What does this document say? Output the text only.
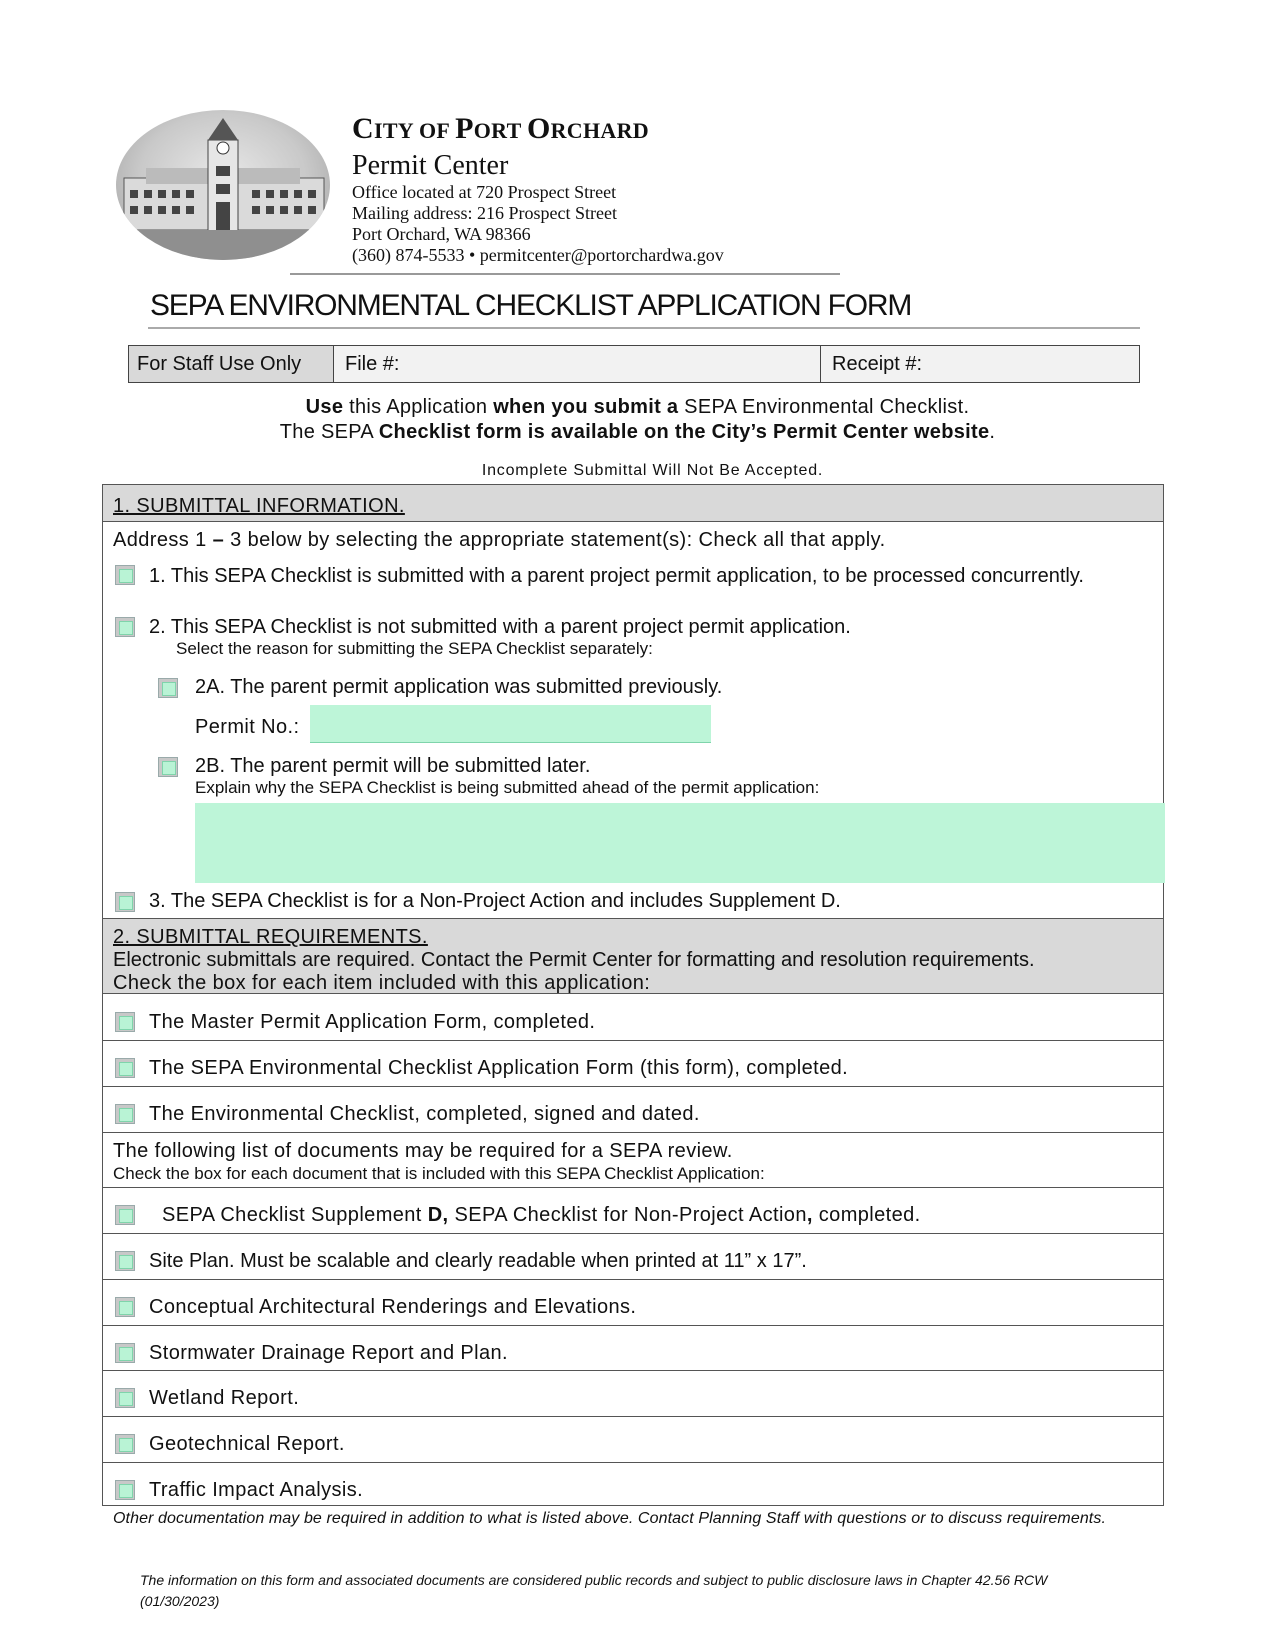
CITY OF PORT ORCHARD
Permit Center
Office located at 720 Prospect Street
Mailing address: 216 Prospect Street
Port Orchard, WA 98366
(360) 874-5533 • permitcenter@portorchardwa.gov
SEPA ENVIRONMENTAL CHECKLIST APPLICATION FORM
For Staff Use Only	File #:	Receipt #:
Use this Application when you submit a SEPA Environmental Checklist.
The SEPA Checklist form is available on the City’s Permit Center website.
Incomplete Submittal Will Not Be Accepted.
1. SUBMITTAL INFORMATION.
Address 1 – 3 below by selecting the appropriate statement(s): Check all that apply.
1. This SEPA Checklist is submitted with a parent project permit application, to be processed concurrently.
2. This SEPA Checklist is not submitted with a parent project permit application.
Select the reason for submitting the SEPA Checklist separately:
2A. The parent permit application was submitted previously.
Permit No.:
2B. The parent permit will be submitted later.
Explain why the SEPA Checklist is being submitted ahead of the permit application:
3. The SEPA Checklist is for a Non-Project Action and includes Supplement D.
2. SUBMITTAL REQUIREMENTS.
Electronic submittals are required. Contact the Permit Center for formatting and resolution requirements.
Check the box for each item included with this application:
The Master Permit Application Form, completed.
The SEPA Environmental Checklist Application Form (this form), completed.
The Environmental Checklist, completed, signed and dated.
The following list of documents may be required for a SEPA review.
Check the box for each document that is included with this SEPA Checklist Application:
SEPA Checklist Supplement D, SEPA Checklist for Non-Project Action, completed.
Site Plan. Must be scalable and clearly readable when printed at 11” x 17”.
Conceptual Architectural Renderings and Elevations.
Stormwater Drainage Report and Plan.
Wetland Report.
Geotechnical Report.
Traffic Impact Analysis.
Other documentation may be required in addition to what is listed above. Contact Planning Staff with questions or to discuss requirements.
The information on this form and associated documents are considered public records and subject to public disclosure laws in Chapter 42.56 RCW
(01/30/2023)
